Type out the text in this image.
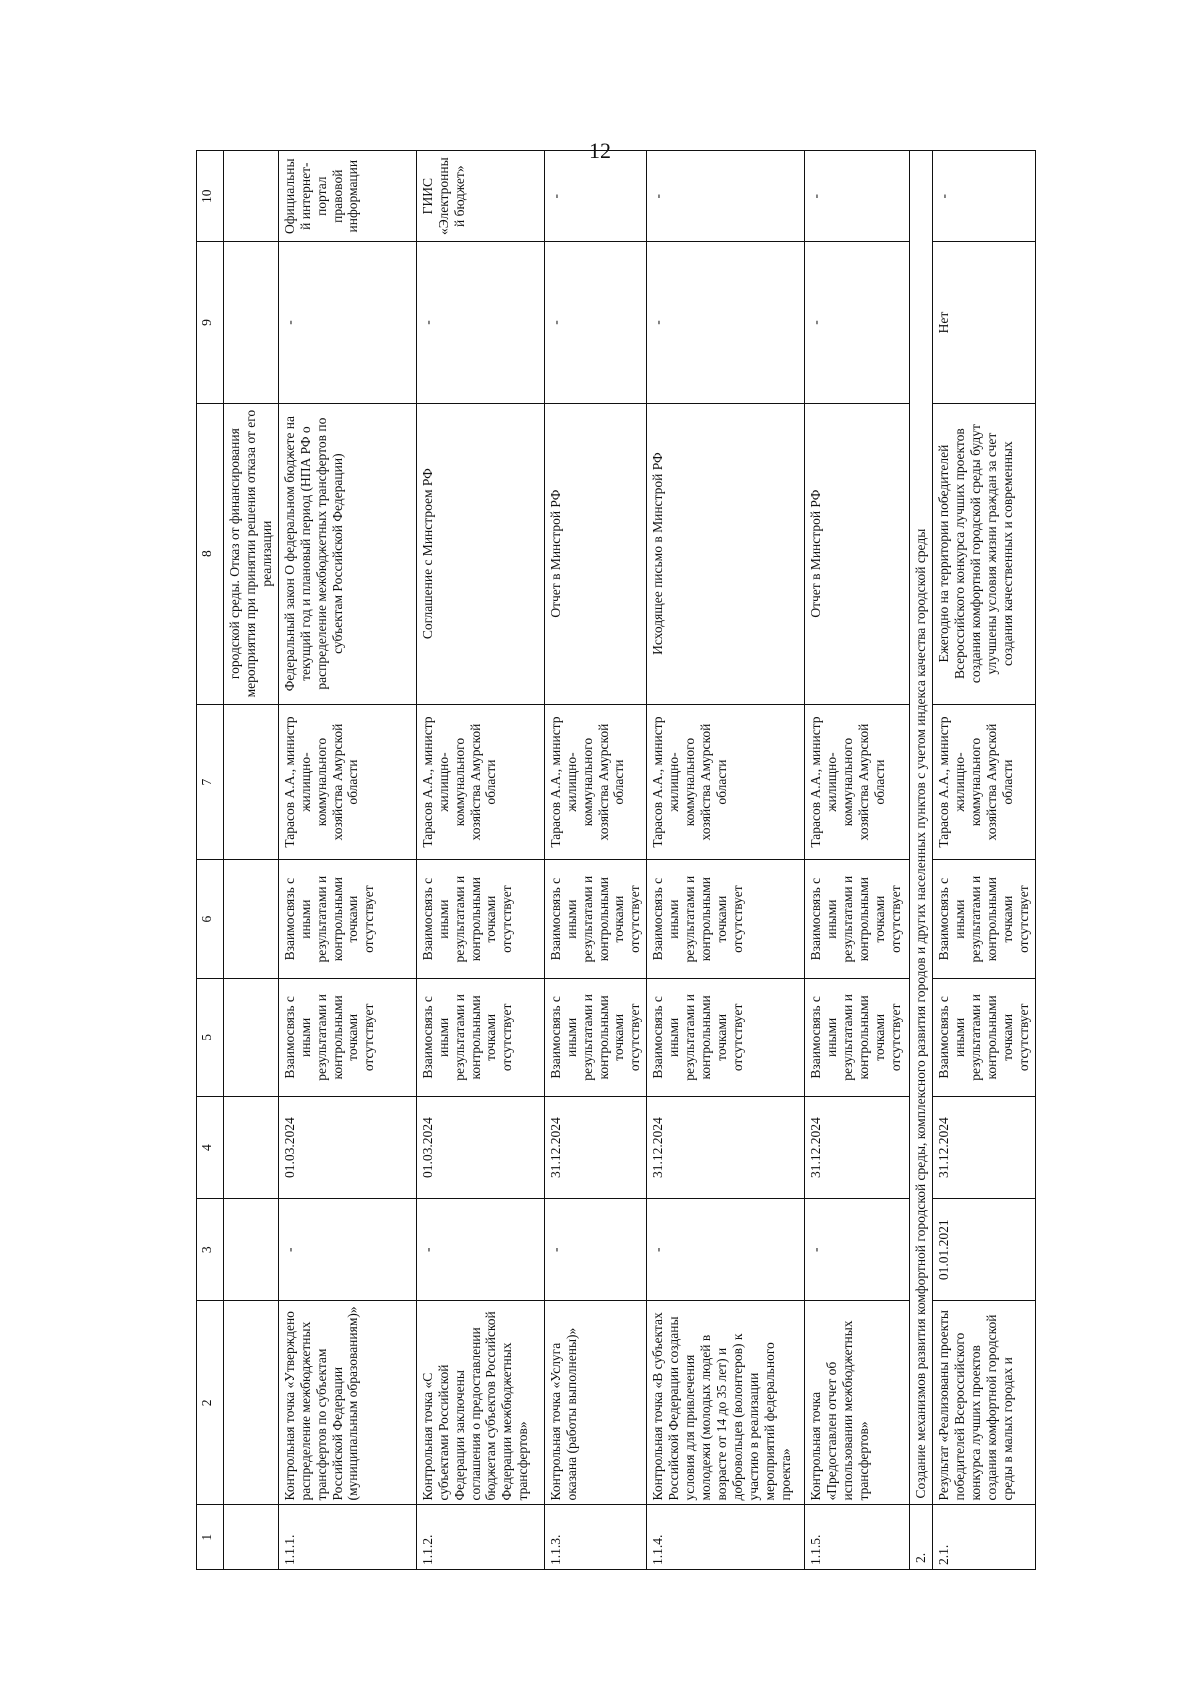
12
1	2	3	4	5	6	7	8	9	10
							городской среды. Отказ от финансирования мероприятия при принятии решения отказа от его реализации		
1.1.1.	Контрольная точка «Утверждено распределение межбюджетных трансфертов по субъектам Российской Федерации (муниципальным образованиям)»	-	01.03.2024	Взаимосвязь с иными результатами и контрольными точками отсутствует	Взаимосвязь с иными результатами и контрольными точками отсутствует	Тарасов А.А., министр жилищно-коммунального хозяйства Амурской области	Федеральный закон О федеральном бюджете на текущий год и плановый период (НПА РФ о распределение межбюджетных трансфертов по субъектам Российской Федерации)	-	Официальный интернет-портал правовой информации
1.1.2.	Контрольная точка «С субъектами Российской Федерации заключены соглашения о предоставлении бюджетам субъектов Российской Федерации межбюджетных трансфертов»	-	01.03.2024	Взаимосвязь с иными результатами и контрольными точками отсутствует	Взаимосвязь с иными результатами и контрольными точками отсутствует	Тарасов А.А., министр жилищно-коммунального хозяйства Амурской области	Соглашение с Минстроем РФ	-	ГИИС «Электронный бюджет»
1.1.3.	Контрольная точка «Услуга оказана (работы выполнены)»	-	31.12.2024	Взаимосвязь с иными результатами и контрольными точками отсутствует	Взаимосвязь с иными результатами и контрольными точками отсутствует	Тарасов А.А., министр жилищно-коммунального хозяйства Амурской области	Отчет в Минстрой РФ	-	-
1.1.4.	Контрольная точка «В субъектах Российской Федерации созданы условия для привлечения молодежи (молодых людей в возрасте от 14 до 35 лет) и добровольцев (волонтеров) к участию в реализации мероприятий федерального проекта»	-	31.12.2024	Взаимосвязь с иными результатами и контрольными точками отсутствует	Взаимосвязь с иными результатами и контрольными точками отсутствует	Тарасов А.А., министр жилищно-коммунального хозяйства Амурской области	Исходящее письмо в Минстрой РФ	-	-
1.1.5.	Контрольная точка «Предоставлен отчет об использовании межбюджетных трансфертов»	-	31.12.2024	Взаимосвязь с иными результатами и контрольными точками отсутствует	Взаимосвязь с иными результатами и контрольными точками отсутствует	Тарасов А.А., министр жилищно-коммунального хозяйства Амурской области	Отчет в Минстрой РФ	-	-
2.	Создание механизмов развития комфортной городской среды, комплексного развития городов и других населенных пунктов с учетом индекса качества городской среды								
2.1.	Результат «Реализованы проекты победителей Всероссийского конкурса лучших проектов создания комфортной городской среды в малых городах и	01.01.2021	31.12.2024	Взаимосвязь с иными результатами и контрольными точками отсутствует	Взаимосвязь с иными результатами и контрольными точками отсутствует	Тарасов А.А., министр жилищно-коммунального хозяйства Амурской области	Ежегодно на территории победителей Всероссийского конкурса лучших проектов создания комфортной городской среды будут улучшены условия жизни граждан за счет создания качественных и современных	Нет	-
